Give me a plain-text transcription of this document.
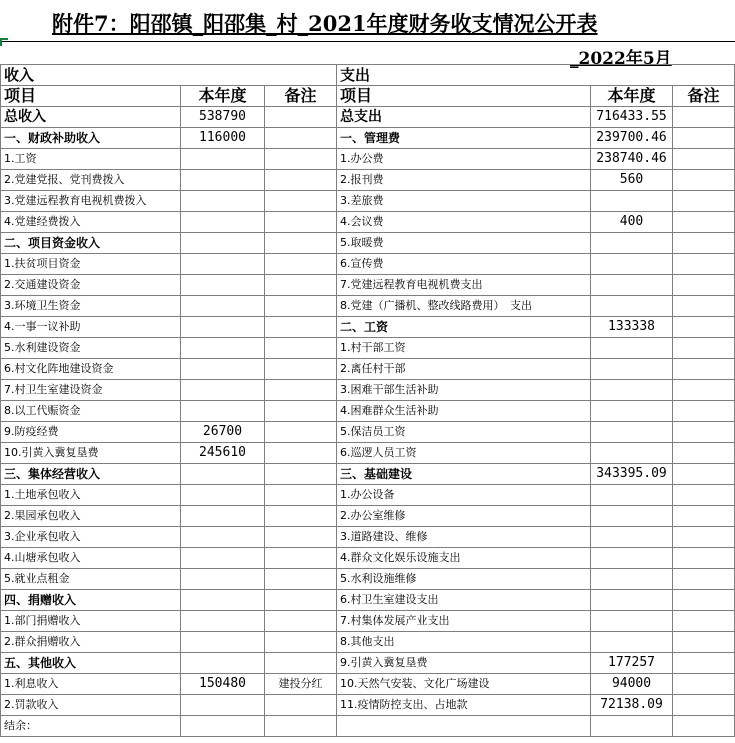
附件7：阳邵镇_阳邵集_村_2021年度财务收支情况公开表
_2022年5月
收入			支出		
项目	本年度	备注	项目	本年度	备注
总收入	538790		总支出	716433.55	
一、财政补助收入	116000		一、管理费	239700.46	
1.工资			1.办公费	238740.46	
2.党建党报、党刊费拨入			2.报刊费	560	
3.党建远程教育电视机费拨入			3.差旅费		
4.党建经费拨入			4.会议费	400	
二、项目资金收入			5.取暖费		
1.扶贫项目资金			6.宣传费		
2.交通建设资金			7.党建远程教育电视机费支出		
3.环境卫生资金			8.党建（广播机、整改线路费用）　支出		
4.一事一议补助			二、工资	133338	
5.水利建设资金			1.村干部工资		
6.村文化阵地建设资金			2.离任村干部		
7.村卫生室建设资金			3.困难干部生活补助		
8.以工代赈资金			4.困难群众生活补助		
9.防疫经费	26700		5.保洁员工资		
10.引黄入冀复垦费	245610		6.巡逻人员工资		
三、集体经营收入			三、基础建设	343395.09	
1.土地承包收入			1.办公设备		
2.果园承包收入			2.办公室维修		
3.企业承包收入			3.道路建设、维修		
4.山塘承包收入			4.群众文化娱乐设施支出		
5.就业点租金			5.水利设施维修		
四、捐赠收入			6.村卫生室建设支出		
1.部门捐赠收入			7.村集体发展产业支出		
2.群众捐赠收入			8.其他支出		
五、其他收入			9.引黄入冀复垦费	177257	
1.利息收入	150480	建投分红	10.天然气安装、文化广场建设	94000	
2.罚款收入			11.疫情防控支出、占地款	72138.09	
结余：					
